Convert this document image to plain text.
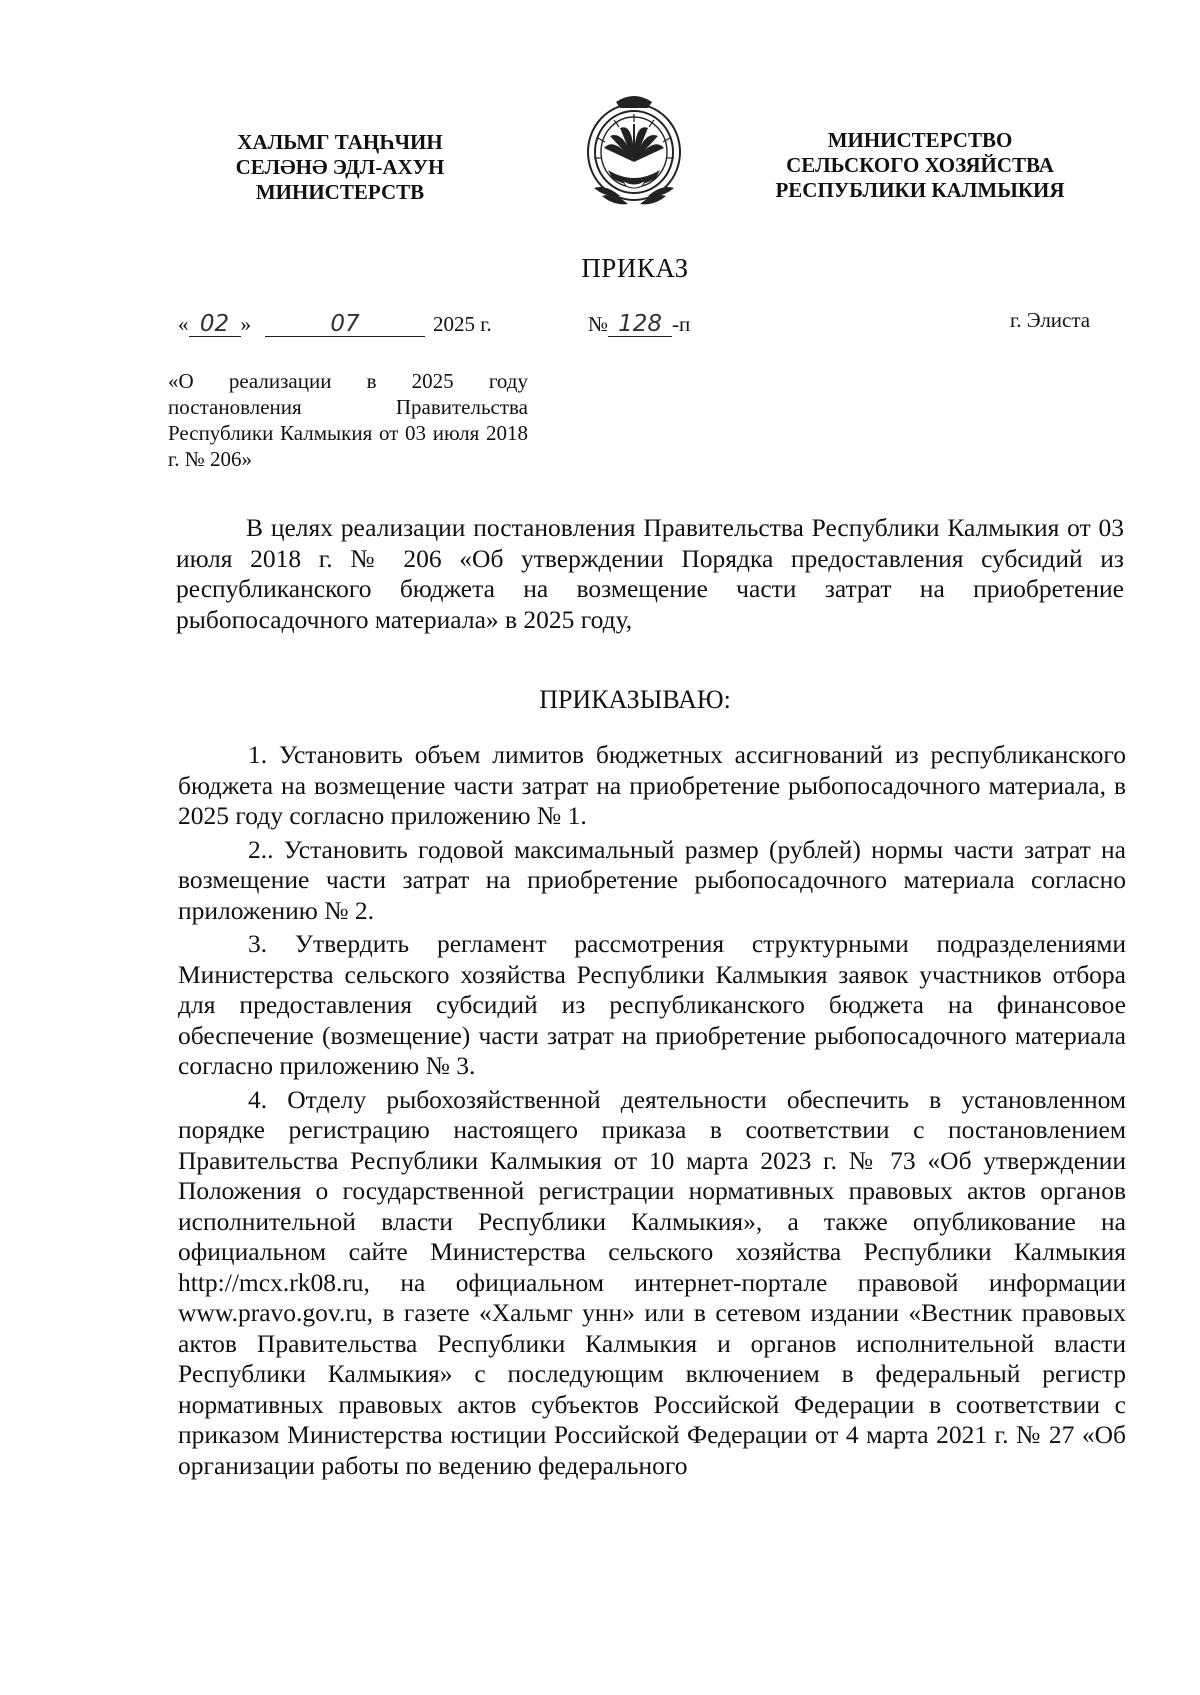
ХАЛЬМГ ТАҢҺЧИН
СЕЛӘНӘ ЭДЛ-АХУН
МИНИСТЕРСТВ
МИНИСТЕРСТВО
СЕЛЬСКОГО ХОЗЯЙСТВА
РЕСПУБЛИКИ КАЛМЫКИЯ
ПРИКАЗ
« 02 »	07	2025 г.	№ 128 -п	г. Элиста
«О реализации в 2025 году постановления Правительства Республики Калмыкия от 03 июля 2018 г. № 206»
В целях реализации постановления Правительства Республики Калмыкия от 03 июля 2018 г. № 206 «Об утверждении Порядка предоставления субсидий из республиканского бюджета на возмещение части затрат на приобретение рыбопосадочного материала» в 2025 году,
ПРИКАЗЫВАЮ:

1. Установить объем лимитов бюджетных ассигнований из республиканского бюджета на возмещение части затрат на приобретение рыбопосадочного материала, в 2025 году согласно приложению № 1.

2.. Установить годовой максимальный размер (рублей) нормы части затрат на возмещение части затрат на приобретение рыбопосадочного материала согласно приложению № 2.

3. Утвердить регламент рассмотрения структурными подразделениями Министерства сельского хозяйства Республики Калмыкия заявок участников отбора для предоставления субсидий из республиканского бюджета на финансовое обеспечение (возмещение) части затрат на приобретение рыбопосадочного материала согласно приложению № 3.

4. Отделу рыбохозяйственной деятельности обеспечить в установленном порядке регистрацию настоящего приказа в соответствии с постановлением Правительства Республики Калмыкия от 10 марта 2023 г. № 73 «Об утверждении Положения о государственной регистрации нормативных правовых актов органов исполнительной власти Республики Калмыкия», а также опубликование на официальном сайте Министерства сельского хозяйства Республики Калмыкия http://mcx.rk08.ru, на официальном интернет-портале правовой информации www.pravo.gov.ru, в газете «Хальмг унн» или в сетевом издании «Вестник правовых актов Правительства Республики Калмыкия и органов исполнительной власти Республики Калмыкия» с последующим включением в федеральный регистр нормативных правовых актов субъектов Российской Федерации в соответствии с приказом Министерства юстиции Российской Федерации от 4 марта 2021 г. № 27 «Об организации работы по ведению федерального
